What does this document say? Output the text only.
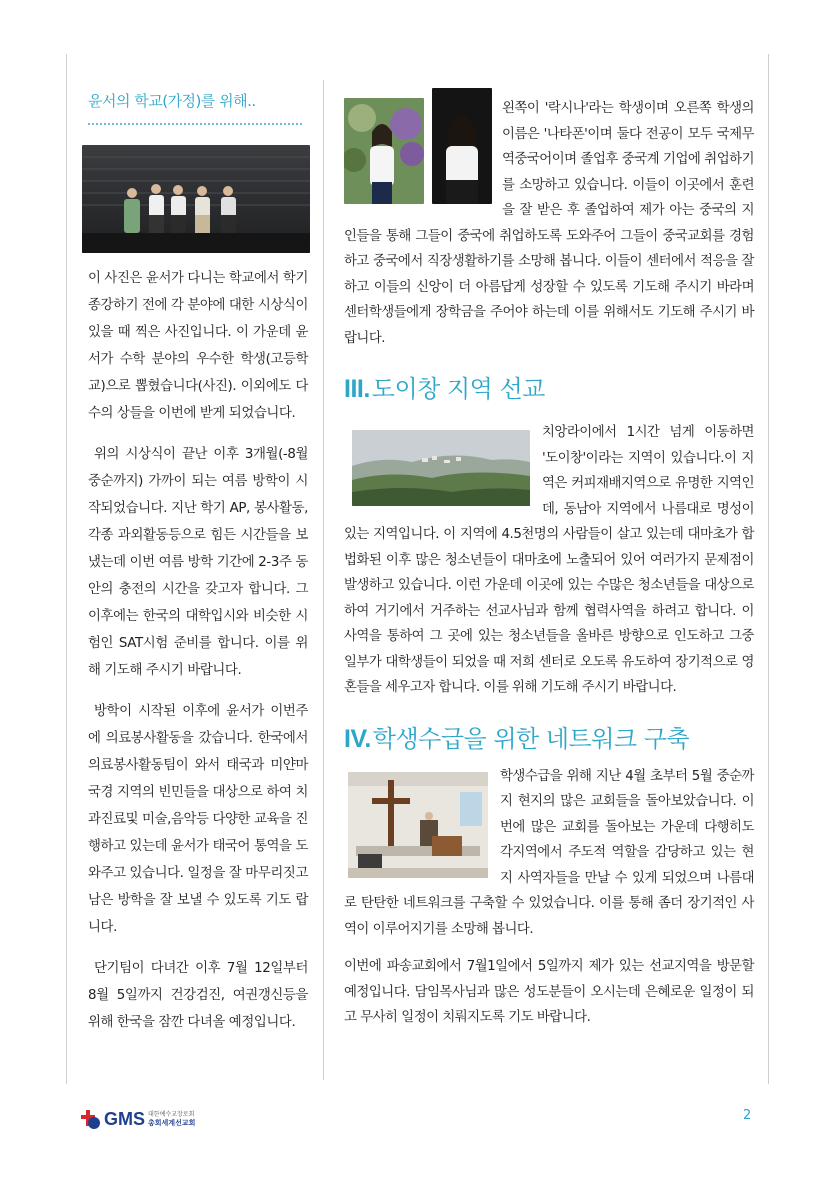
윤서의 학교(가정)를 위해..

이 사진은 윤서가 다니는 학교에서 학기 종강하기 전에 각 분야에 대한 시상식이 있을 때 찍은 사진입니다. 이 가운데 윤서가 수학 분야의 우수한 학생(고등학교)으로 뽑혔습니다(사진). 이외에도 다수의 상들을 이번에 받게 되었습니다.

위의 시상식이 끝난 이후 3개월(-8월중순까지) 가까이 되는 여름 방학이 시작되었습니다. 지난 학기 AP, 봉사활동, 각종 과외활동등으로 힘든 시간들을 보냈는데 이번 여름 방학 기간에 2-3주 동안의 충전의 시간을 갖고자 합니다. 그 이후에는 한국의 대학입시와 비슷한 시험인 SAT시험 준비를 합니다. 이를 위해 기도해 주시기 바랍니다.

방학이 시작된 이후에 윤서가 이번주에 의료봉사활동을 갔습니다. 한국에서 의료봉사활동팀이 와서 태국과 미얀마 국경 지역의 빈민들을 대상으로 하여 치과진료및 미술,음악등 다양한 교육을 진행하고 있는데 윤서가 태국어 통역을 도와주고 있습니다. 일정을 잘 마무리짓고 남은 방학을 잘 보낼 수 있도록 기도 랍니다.

단기팀이 다녀간 이후 7월 12일부터 8월 5일까지 건강검진, 여권갱신등을 위해 한국을 잠깐 다녀올 예정입니다.

왼쪽이 '락시나'라는 학생이며 오른쪽 학생의 이름은 '나타폰'이며 둘다 전공이 모두 국제무역중국어이며 졸업후 중국계 기업에 취업하기를 소망하고 있습니다. 이들이 이곳에서 훈련을 잘 받은 후 졸업하여 제가 아는 중국의 지인들을 통해 그들이 중국에 취업하도록 도와주어 그들이 중국교회를 경험하고 중국에서 직장생활하기를 소망해 봅니다. 이들이 센터에서 적응을 잘하고 이들의 신앙이 더 아름답게 성장할 수 있도록 기도해 주시기 바라며 센터학생들에게 장학금을 주어야 하는데 이를 위해서도 기도해 주시기 바랍니다.

III. 도이창 지역 선교

치앙라이에서 1시간 넘게 이동하면 '도이창'이라는 지역이 있습니다.이 지역은 커피재배지역으로 유명한 지역인데, 동남아 지역에서 나름대로 명성이 있는 지역입니다. 이 지역에 4.5천명의 사람들이 살고 있는데 대마초가 합법화된 이후 많은 청소년들이 대마초에 노출되어 있어 여러가지 문제점이 발생하고 있습니다. 이런 가운데 이곳에 있는 수많은 청소년들을 대상으로 하여 거기에서 거주하는 선교사님과 함께 협력사역을 하려고 합니다. 이 사역을 통하여 그 곳에 있는 청소년들을 올바른 방향으로 인도하고 그중 일부가 대학생들이 되었을 때 저희 센터로 오도록 유도하여 장기적으로 영혼들을 세우고자 합니다. 이를 위해 기도해 주시기 바랍니다.

IV. 학생수급을 위한 네트워크 구축

학생수급을 위해 지난 4월 초부터 5월 중순까지 현지의 많은 교회들을 돌아보았습니다. 이번에 많은 교회를 돌아보는 가운데 다행히도 각지역에서 주도적 역할을 감당하고 있는 현지 사역자들을 만날 수 있게 되었으며 나름대로 탄탄한 네트워크를 구축할 수 있었습니다. 이를 통해 좀더 장기적인 사역이 이루어지기를 소망해 봅니다.

이번에 파송교회에서 7월1일에서 5일까지 제가 있는 선교지역을 방문할 예정입니다. 담임목사님과 많은 성도분들이 오시는데 은혜로운 일정이 되고 무사히 일정이 치뤄지도록 기도 바랍니다.

GMS 대한예수교장로회
총회세계선교회	2
